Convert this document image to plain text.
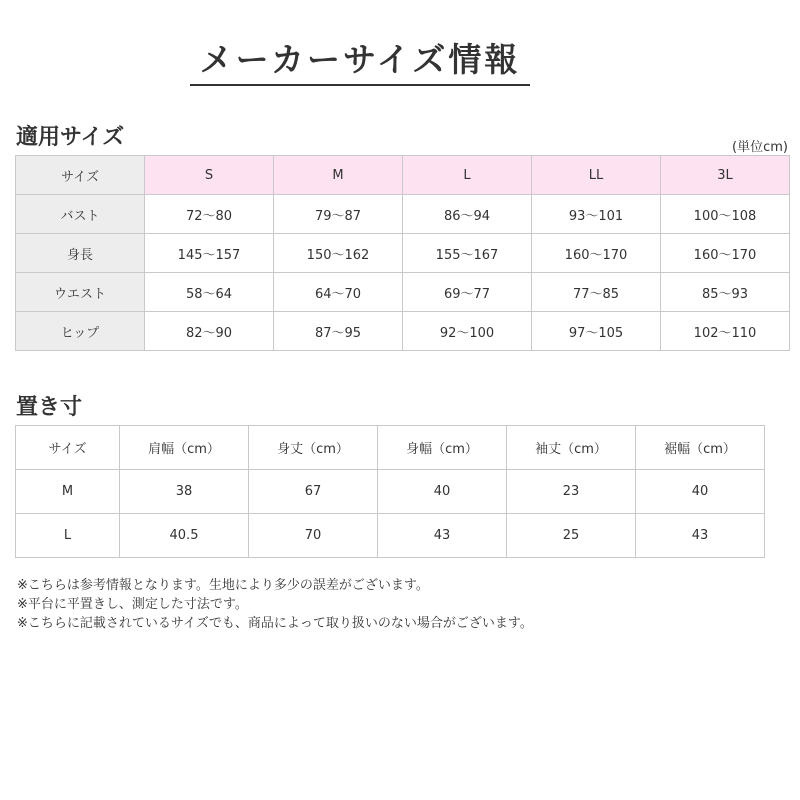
メーカーサイズ情報
適用サイズ	(単位cm)
サイズ	S	M	L	LL	3L
バスト	72〜80	79〜87	86〜94	93〜101	100〜108
身長	145〜157	150〜162	155〜167	160〜170	160〜170
ウエスト	58〜64	64〜70	69〜77	77〜85	85〜93
ヒップ	82〜90	87〜95	92〜100	97〜105	102〜110
置き寸
サイズ	肩幅（cm）	身丈（cm）	身幅（cm）	袖丈（cm）	裾幅（cm）
M	38	67	40	23	40
L	40.5	70	43	25	43
※こちらは参考情報となります。生地により多少の誤差がございます。
※平台に平置きし、測定した寸法です。
※こちらに記載されているサイズでも、商品によって取り扱いのない場合がございます。
